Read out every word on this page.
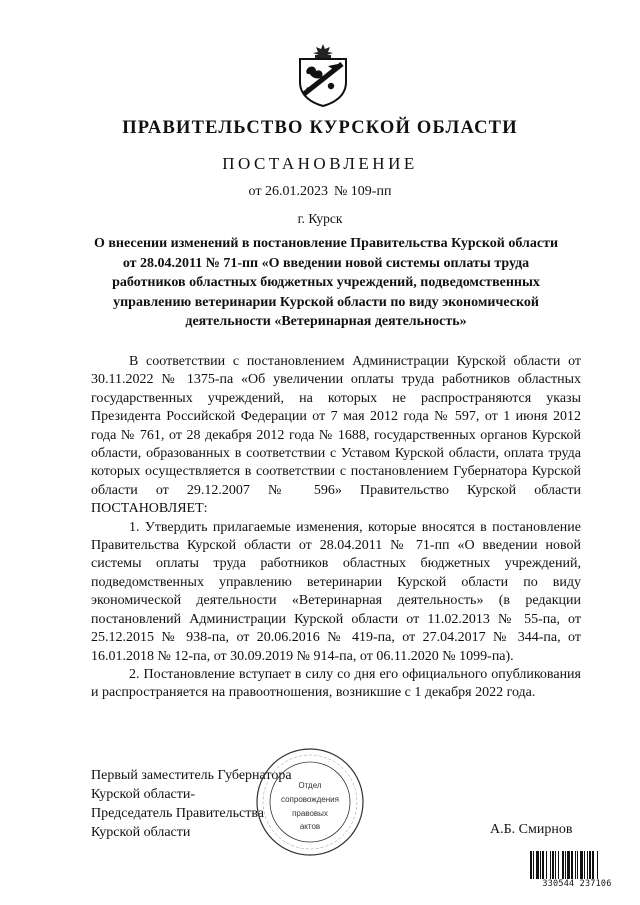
ПРАВИТЕЛЬСТВО КУРСКОЙ ОБЛАСТИ
ПОСТАНОВЛЕНИЕ
от 26.01.2023 № 109-пп
г. Курск
О внесении изменений в постановление Правительства Курской области от 28.04.2011 № 71-пп «О введении новой системы оплаты труда работников областных бюджетных учреждений, подведомственных управлению ветеринарии Курской области по виду экономической деятельности «Ветеринарная деятельность»

В соответствии с постановлением Администрации Курской области от 30.11.2022 № 1375-па «Об увеличении оплаты труда работников областных государственных учреждений, на которых не распространяются указы Президента Российской Федерации от 7 мая 2012 года № 597, от 1 июня 2012 года № 761, от 28 декабря 2012 года № 1688, государственных органов Курской области, образованных в соответствии с Уставом Курской области, оплата труда которых осуществляется в соответствии с постановлением Губернатора Курской области от 29.12.2007 № 596» Правительство Курской области ПОСТАНОВЛЯЕТ:

1. Утвердить прилагаемые изменения, которые вносятся в постановление Правительства Курской области от 28.04.2011 № 71-пп «О введении новой системы оплаты труда работников областных бюджетных учреждений, подведомственных управлению ветеринарии Курской области по виду экономической деятельности «Ветеринарная деятельность» (в редакции постановлений Администрации Курской области от 11.02.2013 № 55-па, от 25.12.2015 № 938-па, от 20.06.2016 № 419-па, от 27.04.2017 № 344-па, от 16.01.2018 № 12-па, от 30.09.2019 № 914-па, от 06.11.2020 № 1099-па).

2. Постановление вступает в силу со дня его официального опубликования и распространяется на правоотношения, возникшие с 1 декабря 2022 года.

Первый заместитель Губернатора
Курской области-
Председатель Правительства
Курской области	А.Б. Смирнов
Отдел
сопровождения
правовых
актов
330544 237106
